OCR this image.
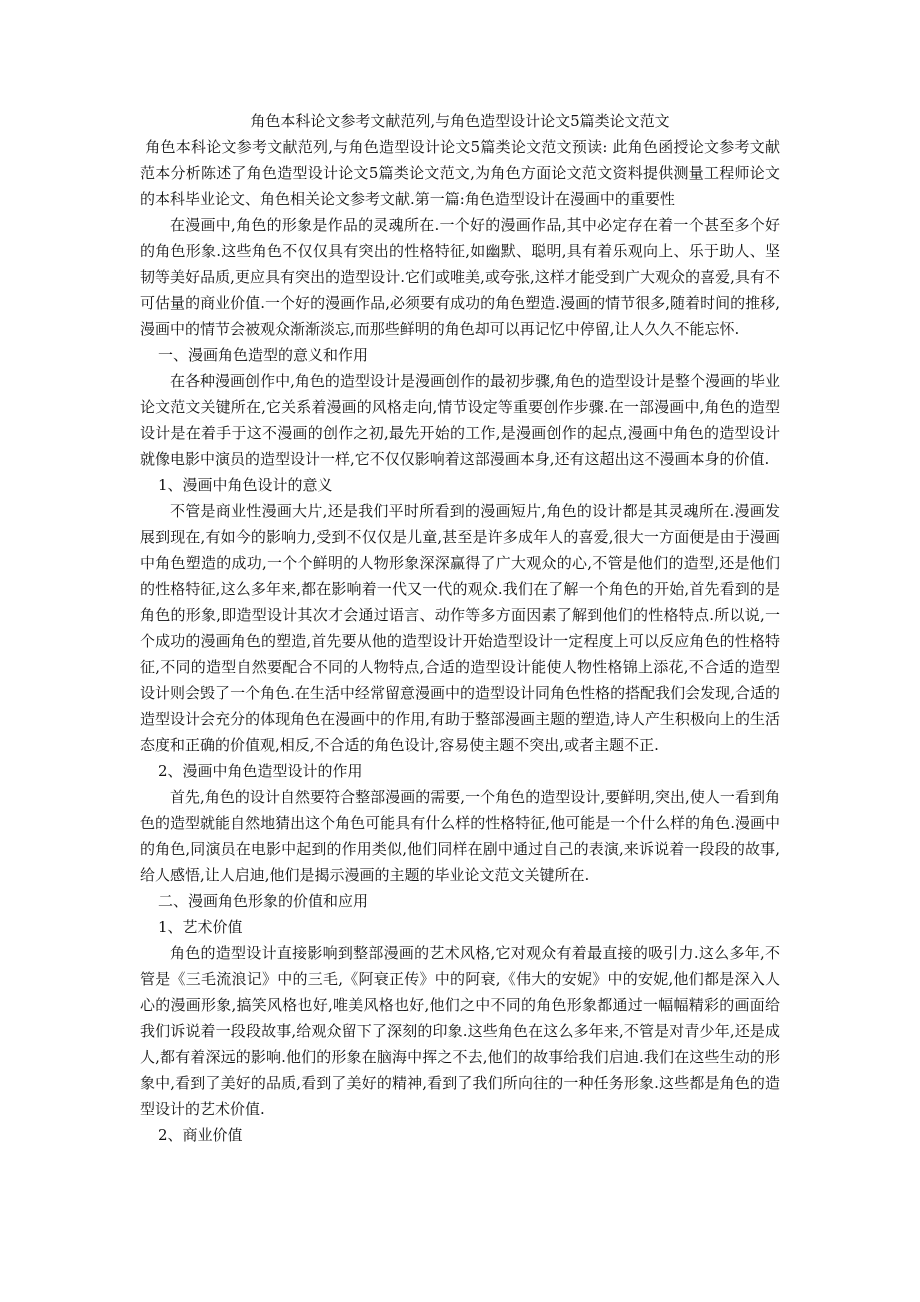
角色本科论文参考文献范列,与角色造型设计论文5篇类论文范文

角色本科论文参考文献范列,与角色造型设计论文5篇类论文范文预读: 此角色函授论文参考文献范本分析陈述了角色造型设计论文5篇类论文范文,为角色方面论文范文资料提供测量工程师论文的本科毕业论文、角色相关论文参考文献.第一篇:角色造型设计在漫画中的重要性

在漫画中,角色的形象是作品的灵魂所在.一个好的漫画作品,其中必定存在着一个甚至多个好的角色形象.这些角色不仅仅具有突出的性格特征,如幽默、聪明,具有着乐观向上、乐于助人、坚韧等美好品质,更应具有突出的造型设计.它们或唯美,或夸张,这样才能受到广大观众的喜爱,具有不可估量的商业价值.一个好的漫画作品,必须要有成功的角色塑造.漫画的情节很多,随着时间的推移,漫画中的情节会被观众渐渐淡忘,而那些鲜明的角色却可以再记忆中停留,让人久久不能忘怀.

一、漫画角色造型的意义和作用

在各种漫画创作中,角色的造型设计是漫画创作的最初步骤,角色的造型设计是整个漫画的毕业论文范文关键所在,它关系着漫画的风格走向,情节设定等重要创作步骤.在一部漫画中,角色的造型设计是在着手于这不漫画的创作之初,最先开始的工作,是漫画创作的起点,漫画中角色的造型设计就像电影中演员的造型设计一样,它不仅仅影响着这部漫画本身,还有这超出这不漫画本身的价值.

1、漫画中角色设计的意义

不管是商业性漫画大片,还是我们平时所看到的漫画短片,角色的设计都是其灵魂所在.漫画发展到现在,有如今的影响力,受到不仅仅是儿童,甚至是许多成年人的喜爱,很大一方面便是由于漫画中角色塑造的成功,一个个鲜明的人物形象深深赢得了广大观众的心,不管是他们的造型,还是他们的性格特征,这么多年来,都在影响着一代又一代的观众.我们在了解一个角色的开始,首先看到的是角色的形象,即造型设计其次才会通过语言、动作等多方面因素了解到他们的性格特点.所以说,一个成功的漫画角色的塑造,首先要从他的造型设计开始造型设计一定程度上可以反应角色的性格特征,不同的造型自然要配合不同的人物特点,合适的造型设计能使人物性格锦上添花,不合适的造型设计则会毁了一个角色.在生活中经常留意漫画中的造型设计同角色性格的搭配我们会发现,合适的造型设计会充分的体现角色在漫画中的作用,有助于整部漫画主题的塑造,诗人产生积极向上的生活态度和正确的价值观,相反,不合适的角色设计,容易使主题不突出,或者主题不正.

2、漫画中角色造型设计的作用

首先,角色的设计自然要符合整部漫画的需要,一个角色的造型设计,要鲜明,突出,使人一看到角色的造型就能自然地猜出这个角色可能具有什么样的性格特征,他可能是一个什么样的角色.漫画中的角色,同演员在电影中起到的作用类似,他们同样在剧中通过自己的表演,来诉说着一段段的故事,给人感悟,让人启迪,他们是揭示漫画的主题的毕业论文范文关键所在.

二、漫画角色形象的价值和应用

1、艺术价值

角色的造型设计直接影响到整部漫画的艺术风格,它对观众有着最直接的吸引力.这么多年,不管是《三毛流浪记》中的三毛,《阿衰正传》中的阿衰,《伟大的安妮》中的安妮,他们都是深入人心的漫画形象,搞笑风格也好,唯美风格也好,他们之中不同的角色形象都通过一幅幅精彩的画面给我们诉说着一段段故事,给观众留下了深刻的印象.这些角色在这么多年来,不管是对青少年,还是成人,都有着深远的影响.他们的形象在脑海中挥之不去,他们的故事给我们启迪.我们在这些生动的形象中,看到了美好的品质,看到了美好的精神,看到了我们所向往的一种任务形象.这些都是角色的造型设计的艺术价值.

2、商业价值
